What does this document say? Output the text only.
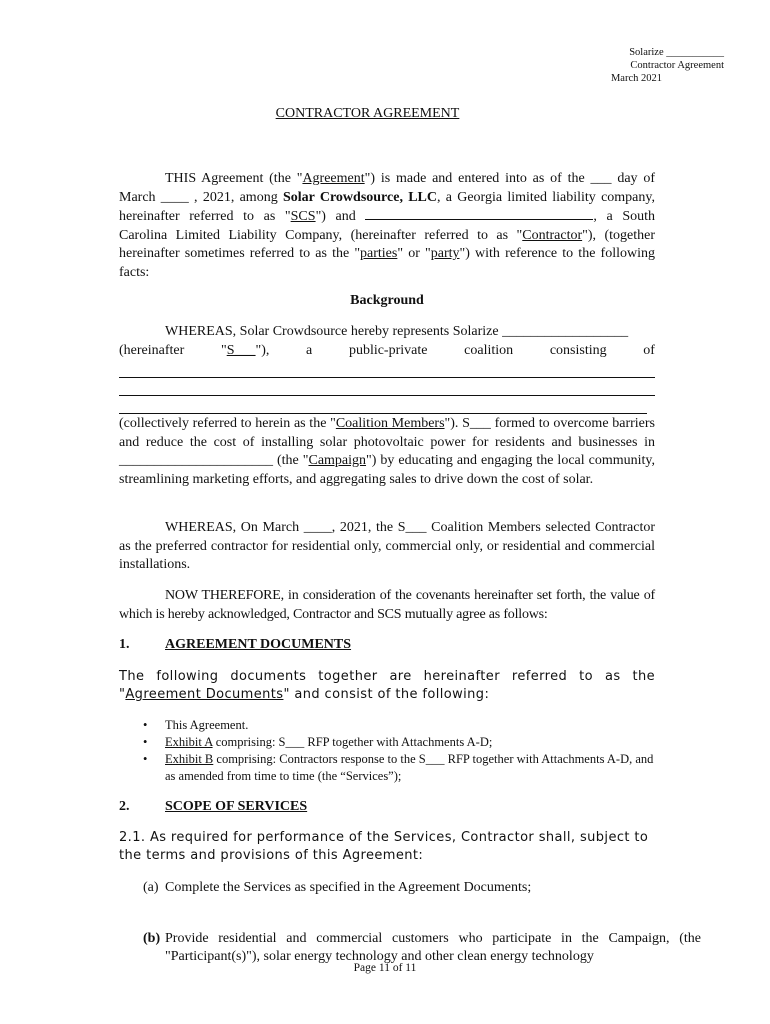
Solarize ___________
Contractor Agreement
March 2021
CONTRACTOR AGREEMENT
THIS Agreement (the "Agreement") is made and entered into as of the ___ day of March ____ , 2021, among Solar Crowdsource, LLC, a Georgia limited liability company, hereinafter referred to as "SCS") and	, a South Carolina Limited Liability Company, (hereinafter referred to as "Contractor"), (together hereinafter sometimes referred to as the "parties" or "party") with reference to the following facts:
Background
WHEREAS, Solar Crowdsource hereby represents Solarize __________________
(hereinafter	"S___"),	a	public-private	coalition	consisting	of
(collectively referred to herein as the "Coalition Members"). S___ formed to overcome barriers and reduce the cost of installing solar photovoltaic power for residents and businesses in ______________________ (the "Campaign") by educating and engaging the local community, streamlining marketing efforts, and aggregating sales to drive down the cost of solar.
WHEREAS, On March ____, 2021, the S___ Coalition Members selected Contractor as the preferred contractor for residential only, commercial only, or residential and commercial installations.
NOW THEREFORE, in consideration of the covenants hereinafter set forth, the value of which is hereby acknowledged, Contractor and SCS mutually agree as follows:
1.	AGREEMENT DOCUMENTS
The following documents together are hereinafter referred to as the "Agreement Documents" and consist of the following:
• This Agreement.
• Exhibit A comprising: S___ RFP together with Attachments A-D;
• Exhibit B comprising: Contractors response to the S___ RFP together with Attachments A-D, and as amended from time to time (the “Services”);
2.	SCOPE OF SERVICES
2.1. As required for performance of the Services, Contractor shall, subject to the terms and provisions of this Agreement:
(a) Complete the Services as specified in the Agreement Documents;
(b) Provide residential and commercial customers who participate in the Campaign, (the "Participant(s)"), solar energy technology and other clean energy technology
Page 11 of 11
